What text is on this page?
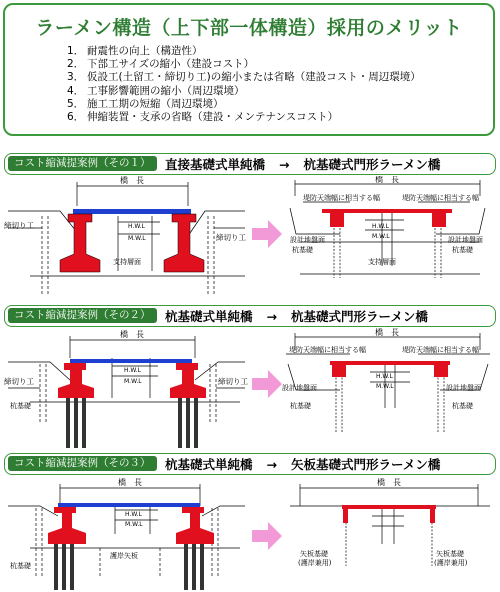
ラーメン構造（上下部一体構造）採用のメリット
1． 耐震性の向上（構造性）
2． 下部工サイズの縮小（建設コスト）
3． 仮設工(土留工・締切り工)の縮小または省略（建設コスト・周辺環境）
4． 工事影響範囲の縮小（周辺環境）
5． 施工工期の短縮（周辺環境）
6． 伸縮装置・支承の省略（建設・メンテナンスコスト）
コスト縮減提案例（その１）	直接基礎式単純橋 → 杭基礎式門形ラーメン橋
コスト縮減提案例（その２）	杭基礎式単純橋 → 杭基礎式門形ラーメン橋
コスト縮減提案例（その３）	杭基礎式単純橋 → 矢板基礎式門形ラーメン橋
橋　長
H.W.L
M.W.L
締切り工
締切り工
支持層面
橋　長
堤防天端幅に相当する幅	堤防天端幅に相当する幅
H.W.L
M.W.L
設計地盤面	設計地盤面
杭基礎	杭基礎
支持層面
橋　長
H.W.L
M.W.L
締切り工	締切り工
杭基礎
橋　長
堤防天端幅に相当する幅	堤防天端幅に相当する幅
H.W.L
M.W.L
設計地盤面	設計地盤面
杭基礎	杭基礎
橋　長
H.W.L
M.W.L
護岸矢板
杭基礎
橋　長
矢板基礎
(護岸兼用)
矢板基礎
(護岸兼用)
